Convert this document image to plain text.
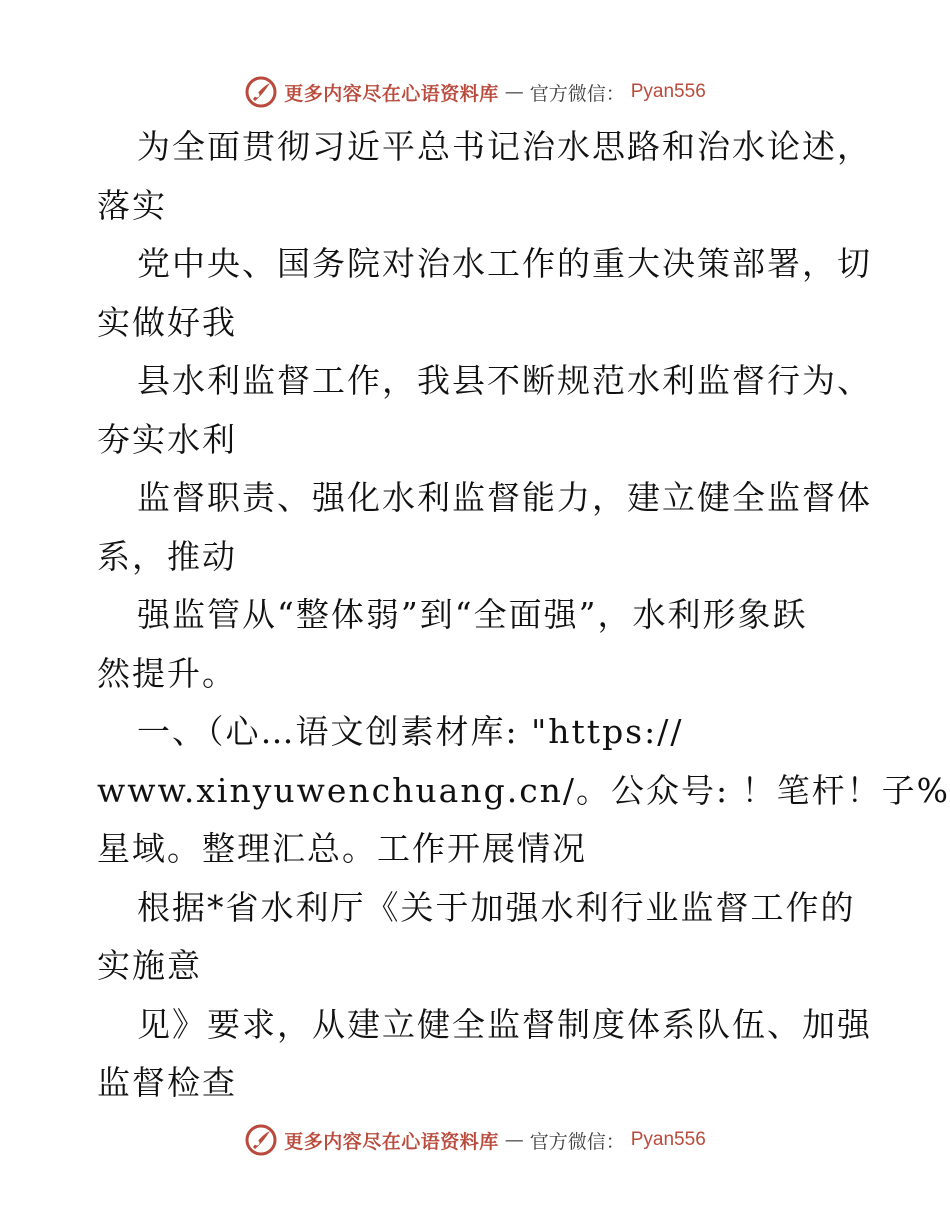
更多内容尽在心语资料库 — 官方微信： Pyan556
为全面贯彻习近平总书记治水思路和治水论述，
落实
党中央、国务院对治水工作的重大决策部署，切
实做好我
县水利监督工作，我县不断规范水利监督行为、
夯实水利
监督职责、强化水利监督能力，建立健全监督体
系，推动
强监管从“整体弱”到“全面强”，水利形象跃
然提升。
一、（心…语文创素材库: "https://
www.xinyuwenchuang.cn/。公众号: ！笔杆！子%
星域。整理汇总。工作开展情况
根据*省水利厅《关于加强水利行业监督工作的
实施意
见》要求，从建立健全监督制度体系队伍、加强
监督检查
更多内容尽在心语资料库 — 官方微信： Pyan556
